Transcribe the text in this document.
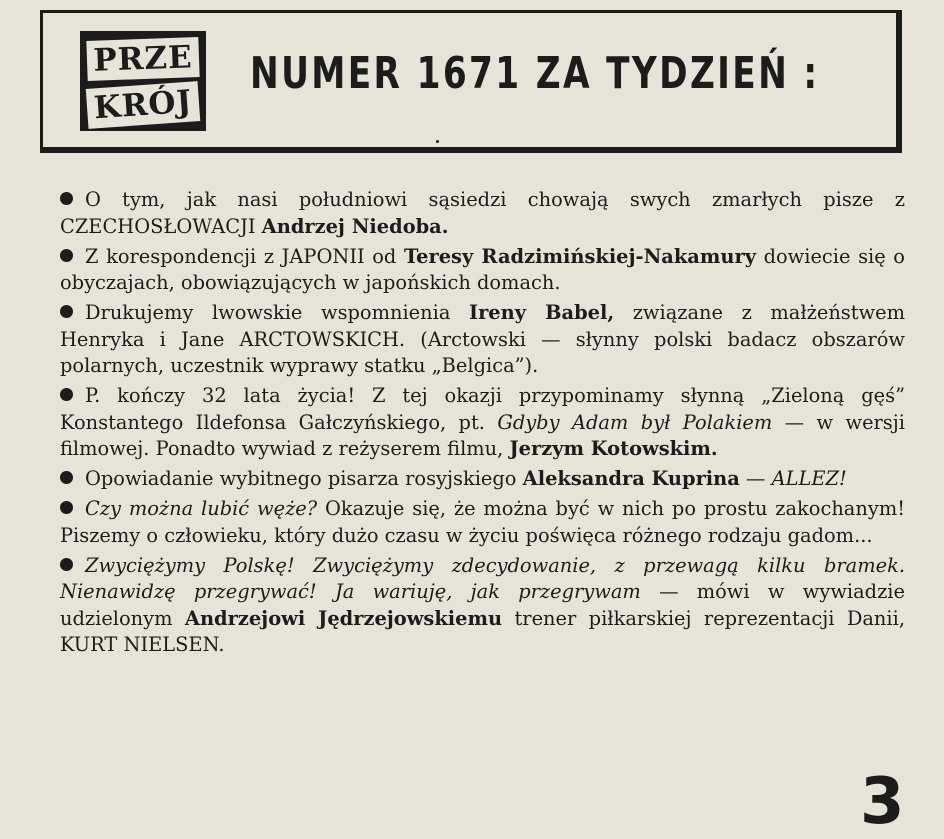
PRZE
KRÓJ
NUMER 1671 ZA TYDZIEŃ :

O tym, jak nasi południowi sąsiedzi chowają swych zmarłych pisze z CZECHOSŁOWACJI Andrzej Niedoba.

Z korespondencji z JAPONII od Teresy Radzimińskiej-Nakamury dowiecie się o obyczajach, obowiązujących w japońskich domach.

Drukujemy lwowskie wspomnienia Ireny Babel, związane z małżeństwem Henryka i Jane ARCTOWSKICH. (Arctowski — słynny polski badacz obszarów polarnych, uczestnik wyprawy statku „Belgica”).

P. kończy 32 lata życia! Z tej okazji przypominamy słynną „Zieloną gęś” Konstantego Ildefonsa Gałczyńskiego, pt. Gdyby Adam był Polakiem — w wersji filmowej. Ponadto wywiad z reżyserem filmu, Jerzym Kotowskim.

Opowiadanie wybitnego pisarza rosyjskiego Aleksandra Kuprina — ALLEZ!

Czy można lubić węże? Okazuje się, że można być w nich po prostu zakochanym! Piszemy o człowieku, który dużo czasu w życiu poświęca różnego rodzaju gadom...

Zwyciężymy Polskę! Zwyciężymy zdecydowanie, z przewagą kilku bramek. Nienawidzę przegrywać! Ja wariuję, jak przegrywam — mówi w wywiadzie udzielonym Andrzejowi Jędrzejowskiemu trener piłkarskiej reprezentacji Danii, KURT NIELSEN.

3
